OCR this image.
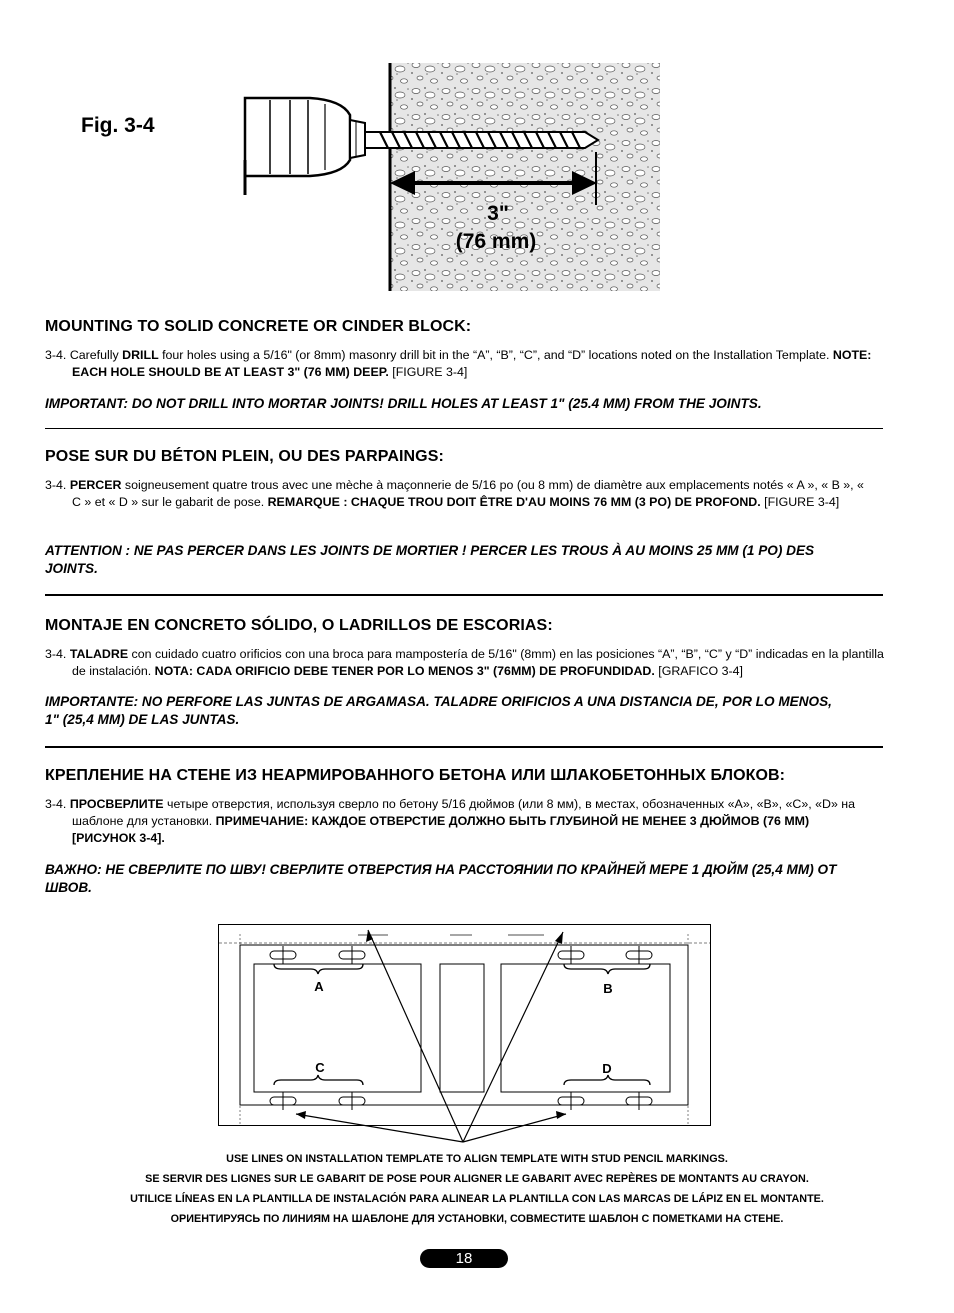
Fig. 3-4
3"
(76 mm)
MOUNTING TO SOLID CONCRETE OR CINDER BLOCK:
3-4. Carefully DRILL four holes using a 5/16" (or 8mm) masonry drill bit in the “A”, “B”, “C”, and “D” locations noted on the Installation Template. NOTE: EACH HOLE SHOULD BE AT LEAST 3" (76 MM) DEEP. [FIGURE 3-4]
IMPORTANT: DO NOT DRILL INTO MORTAR JOINTS! DRILL HOLES AT LEAST 1" (25.4 MM) FROM THE JOINTS.
POSE SUR DU BÉTON PLEIN, OU DES PARPAINGS:
3-4. PERCER soigneusement quatre trous avec une mèche à maçonnerie de 5/16 po (ou 8 mm) de diamètre aux emplacements notés « A », « B », « C » et « D » sur le gabarit de pose. REMARQUE : CHAQUE TROU DOIT ÊTRE D'AU MOINS 76 MM (3 PO) DE PROFOND. [FIGURE 3-4]
ATTENTION : NE PAS PERCER DANS LES JOINTS DE MORTIER ! PERCER LES TROUS À AU MOINS 25 MM (1 PO) DES JOINTS.
MONTAJE EN CONCRETO SÓLIDO, O LADRILLOS DE ESCORIAS:
3-4. TALADRE con cuidado cuatro orificios con una broca para mampostería de 5/16" (8mm) en las posiciones “A”, “B”, “C” y “D” indicadas en la plantilla de instalación. NOTA: CADA ORIFICIO DEBE TENER POR LO MENOS 3" (76MM) DE PROFUNDIDAD. [GRAFICO 3-4]
IMPORTANTE: NO PERFORE LAS JUNTAS DE ARGAMASA. TALADRE ORIFICIOS A UNA DISTANCIA DE, POR LO MENOS, 1" (25,4 MM) DE LAS JUNTAS.
КРЕПЛЕНИЕ НА СТЕНЕ ИЗ НЕАРМИРОВАННОГО БЕТОНА ИЛИ ШЛАКОБЕТОННЫХ БЛОКОВ:
3-4. ПРОСВЕРЛИТЕ четыре отверстия, используя сверло по бетону 5/16 дюймов (или 8 мм), в местах, обозначенных «А», «В», «С», «D» на шаблоне для установки. ПРИМЕЧАНИЕ: КАЖДОЕ ОТВЕРСТИЕ ДОЛЖНО БЫТЬ ГЛУБИНОЙ НЕ МЕНЕЕ 3 ДЮЙМОВ (76 ММ) [РИСУНОК 3-4].
ВАЖНО: НЕ СВЕРЛИТЕ ПО ШВУ! СВЕРЛИТЕ ОТВЕРСТИЯ НА РАССТОЯНИИ ПО КРАЙНЕЙ МЕРЕ 1 ДЮЙМ (25,4 ММ) ОТ ШВОВ.
A	B
C	D
USE LINES ON INSTALLATION TEMPLATE TO ALIGN TEMPLATE WITH STUD PENCIL MARKINGS.
SE SERVIR DES LIGNES SUR LE GABARIT DE POSE POUR ALIGNER LE GABARIT AVEC REPÈRES DE MONTANTS AU CRAYON.
UTILICE LÍNEAS EN LA PLANTILLA DE INSTALACIÓN PARA ALINEAR LA PLANTILLA CON LAS MARCAS DE LÁPIZ EN EL MONTANTE.
ОРИЕНТИРУЯСЬ ПО ЛИНИЯМ НА ШАБЛОНЕ ДЛЯ УСТАНОВКИ, СОВМЕСТИТЕ ШАБЛОН С ПОМЕТКАМИ НА СТЕНЕ.
18
